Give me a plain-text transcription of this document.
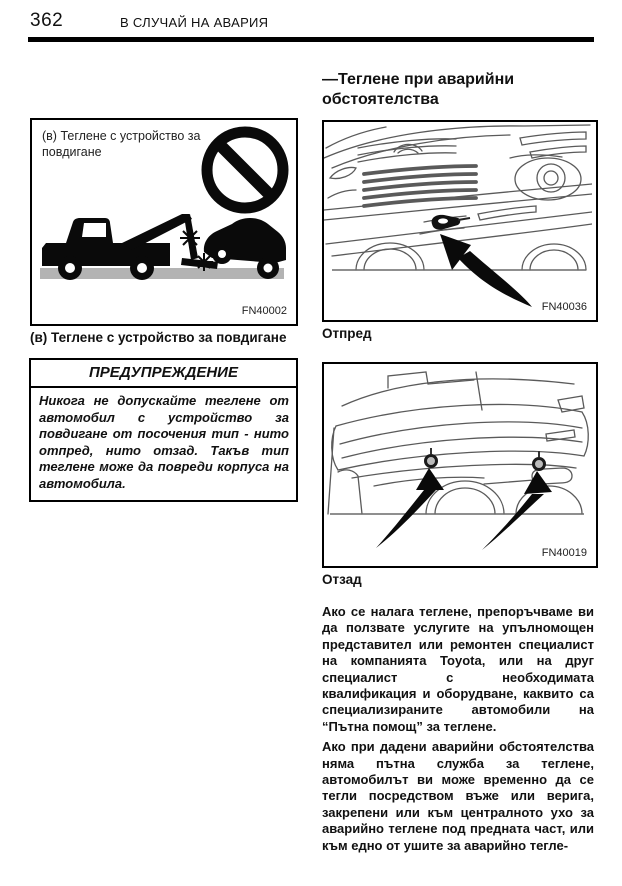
362	В СЛУЧАЙ НА АВАРИЯ
(в) Теглене с устройство за повдигане
FN40002
(в) Теглене с устройство за повдигане
ПРЕДУПРЕЖДЕНИЕ
Никога не допускайте теглене от автомобил с устройство за повдигане от посочения тип - нито отпред, нито отзад. Такъв тип теглене може да повреди корпуса на автомобила.
—Теглене при аварийни обстоятелства
FN40036
Отпред
FN40019
Отзад

Ако се налага теглене, препоръчваме ви да ползвате услугите на упълномощен представител или ремонтен специалист на компанията Toyota, или на друг специалист с необходимата квалификация и оборудване, каквито са специализираните автомобили на “Пътна помощ” за теглене.

Ако при дадени аварийни обстоятелства няма пътна служба за теглене, автомобилът ви може временно да се тегли посредством въже или верига, закрепени или към централното ухо за аварийно теглене под предната част, или към едно от ушите за аварийно тегле-
